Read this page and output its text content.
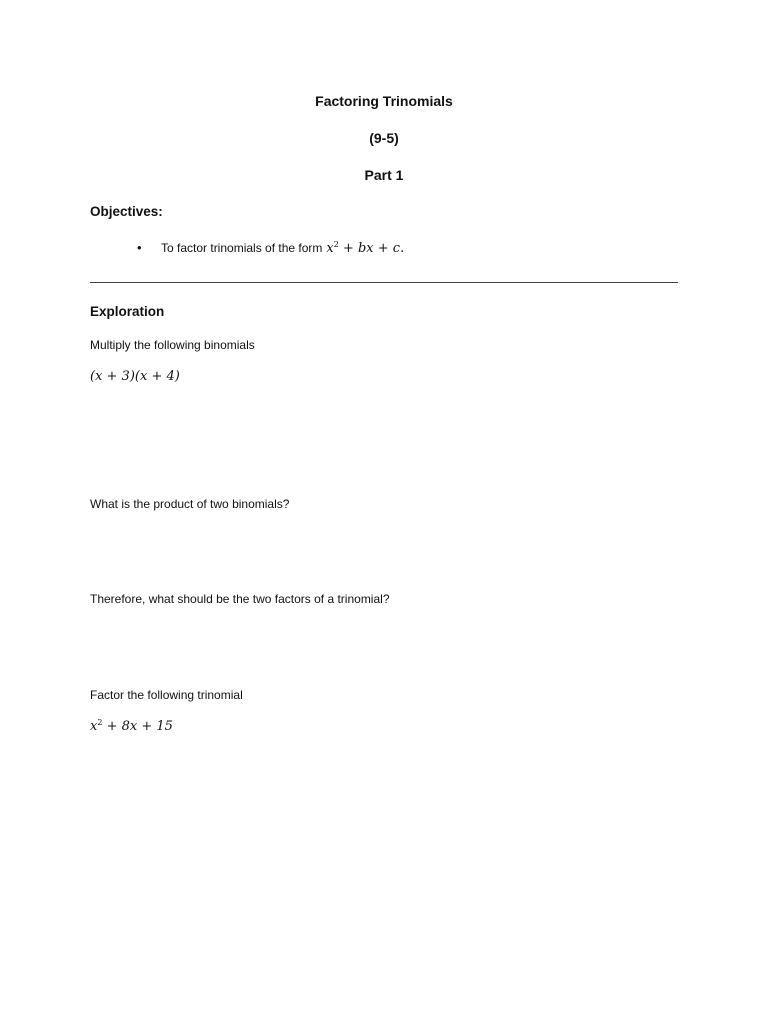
Factoring Trinomials
(9-5)
Part 1
Objectives:
•	To factor trinomials of the form $x^2$ + bx + c.
Exploration
Multiply the following binomials
(x + 3)(x + 4)
What is the product of two binomials?
Therefore, what should be the two factors of a trinomial?
Factor the following trinomial
$x^2 + 8x + 15$
